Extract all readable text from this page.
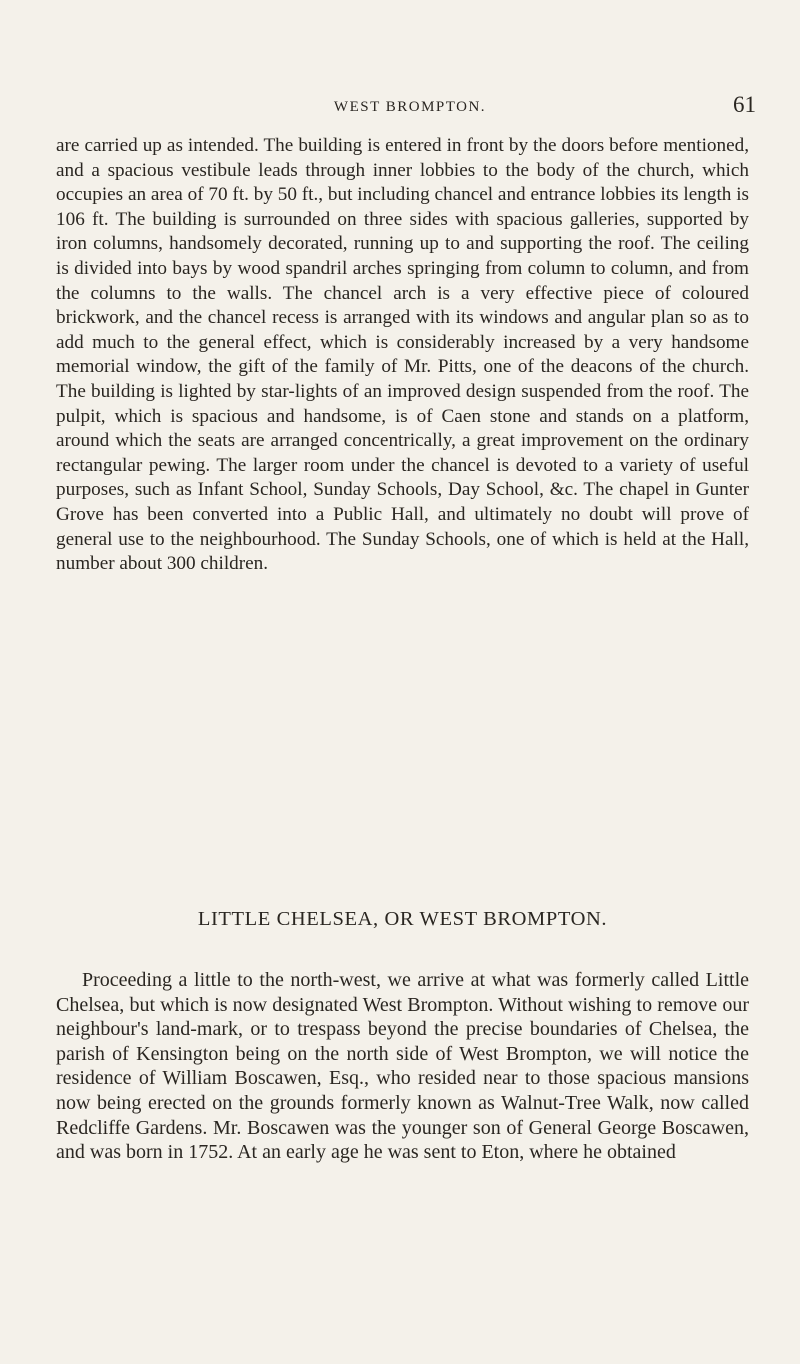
WEST BROMPTON.	61

are carried up as intended. The building is entered in front by the doors before mentioned, and a spacious vestibule leads through inner lobbies to the body of the church, which occupies an area of 70 ft. by 50 ft., but including chancel and entrance lobbies its length is 106 ft. The building is surrounded on three sides with spacious galleries, supported by iron columns, handsomely decorated, running up to and supporting the roof. The ceiling is divided into bays by wood spandril arches springing from column to column, and from the columns to the walls. The chancel arch is a very effective piece of coloured brickwork, and the chancel recess is arranged with its windows and angular plan so as to add much to the general effect, which is considerably increased by a very handsome memorial window, the gift of the family of Mr. Pitts, one of the deacons of the church. The building is lighted by star-lights of an improved design suspended from the roof. The pulpit, which is spacious and handsome, is of Caen stone and stands on a platform, around which the seats are arranged concentrically, a great improvement on the ordinary rectangular pewing. The larger room under the chancel is devoted to a variety of useful purposes, such as Infant School, Sunday Schools, Day School, &c. The chapel in Gunter Grove has been converted into a Public Hall, and ultimately no doubt will prove of general use to the neighbourhood. The Sunday Schools, one of which is held at the Hall, number about 300 children.

LITTLE CHELSEA, OR WEST BROMPTON.

Proceeding a little to the north-west, we arrive at what was formerly called Little Chelsea, but which is now designated West Brompton. Without wishing to remove our neighbour's land-mark, or to trespass beyond the precise boundaries of Chelsea, the parish of Kensington being on the north side of West Brompton, we will notice the residence of William Boscawen, Esq., who resided near to those spacious mansions now being erected on the grounds formerly known as Walnut-Tree Walk, now called Redcliffe Gardens. Mr. Boscawen was the younger son of General George Boscawen, and was born in 1752. At an early age he was sent to Eton, where he obtained
